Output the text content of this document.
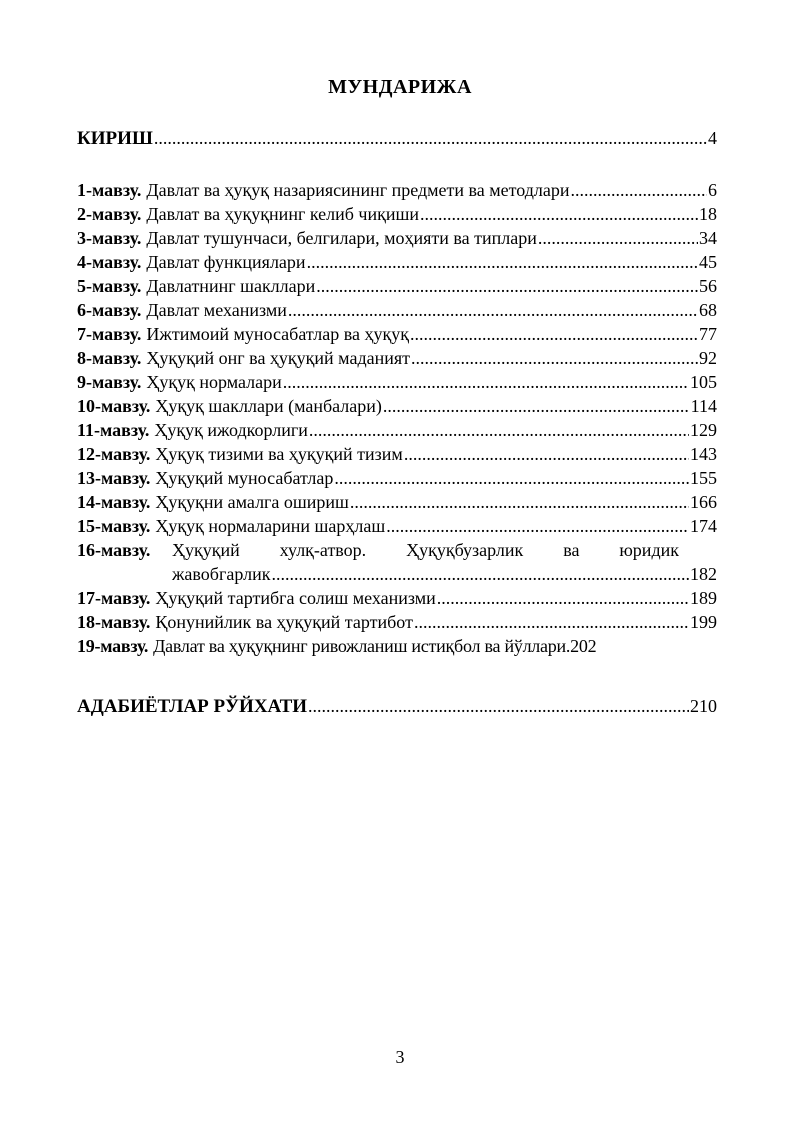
МУНДАРИЖА
КИРИШ .....	4
1-мавзу. Давлат ва ҳуқуқ назариясининг предмети ва методлари .....	6
2-мавзу. Давлат ва ҳуқуқнинг келиб чиқиши .....	18
3-мавзу. Давлат тушунчаси, белгилари, моҳияти ва типлари .....	34
4-мавзу. Давлат функциялари .....	45
5-мавзу. Давлатнинг шакллари .....	56
6-мавзу. Давлат механизми .....	68
7-мавзу. Ижтимоий муносабатлар ва ҳуқуқ .....	77
8-мавзу. Ҳуқуқий онг ва ҳуқуқий маданият .....	92
9-мавзу. Ҳуқуқ нормалари .....	105
10-мавзу. Ҳуқуқ шакллари (манбалари) .....	114
11-мавзу. Ҳуқуқ ижодкорлиги .....	129
12-мавзу. Ҳуқуқ тизими ва ҳуқуқий тизим .....	143
13-мавзу. Ҳуқуқий муносабатлар .....	155
14-мавзу. Ҳуқуқни амалга ошириш .....	166
15-мавзу. Ҳуқуқ нормаларини шарҳлаш .....	174
16-мавзу.	Ҳуқуқий хулқ-атвор. Ҳуқуқбузарлик ва юридик
жавобгарлик .....	182
17-мавзу. Ҳуқуқий тартибга солиш механизми .....	189
18-мавзу. Қонунийлик ва ҳуқуқий тартибот .....	199
19-мавзу. Давлат ва ҳуқуқнинг ривожланиш истиқбол ва йўллари. 202
АДАБИЁТЛАР РЎЙХАТИ .....	210
3
